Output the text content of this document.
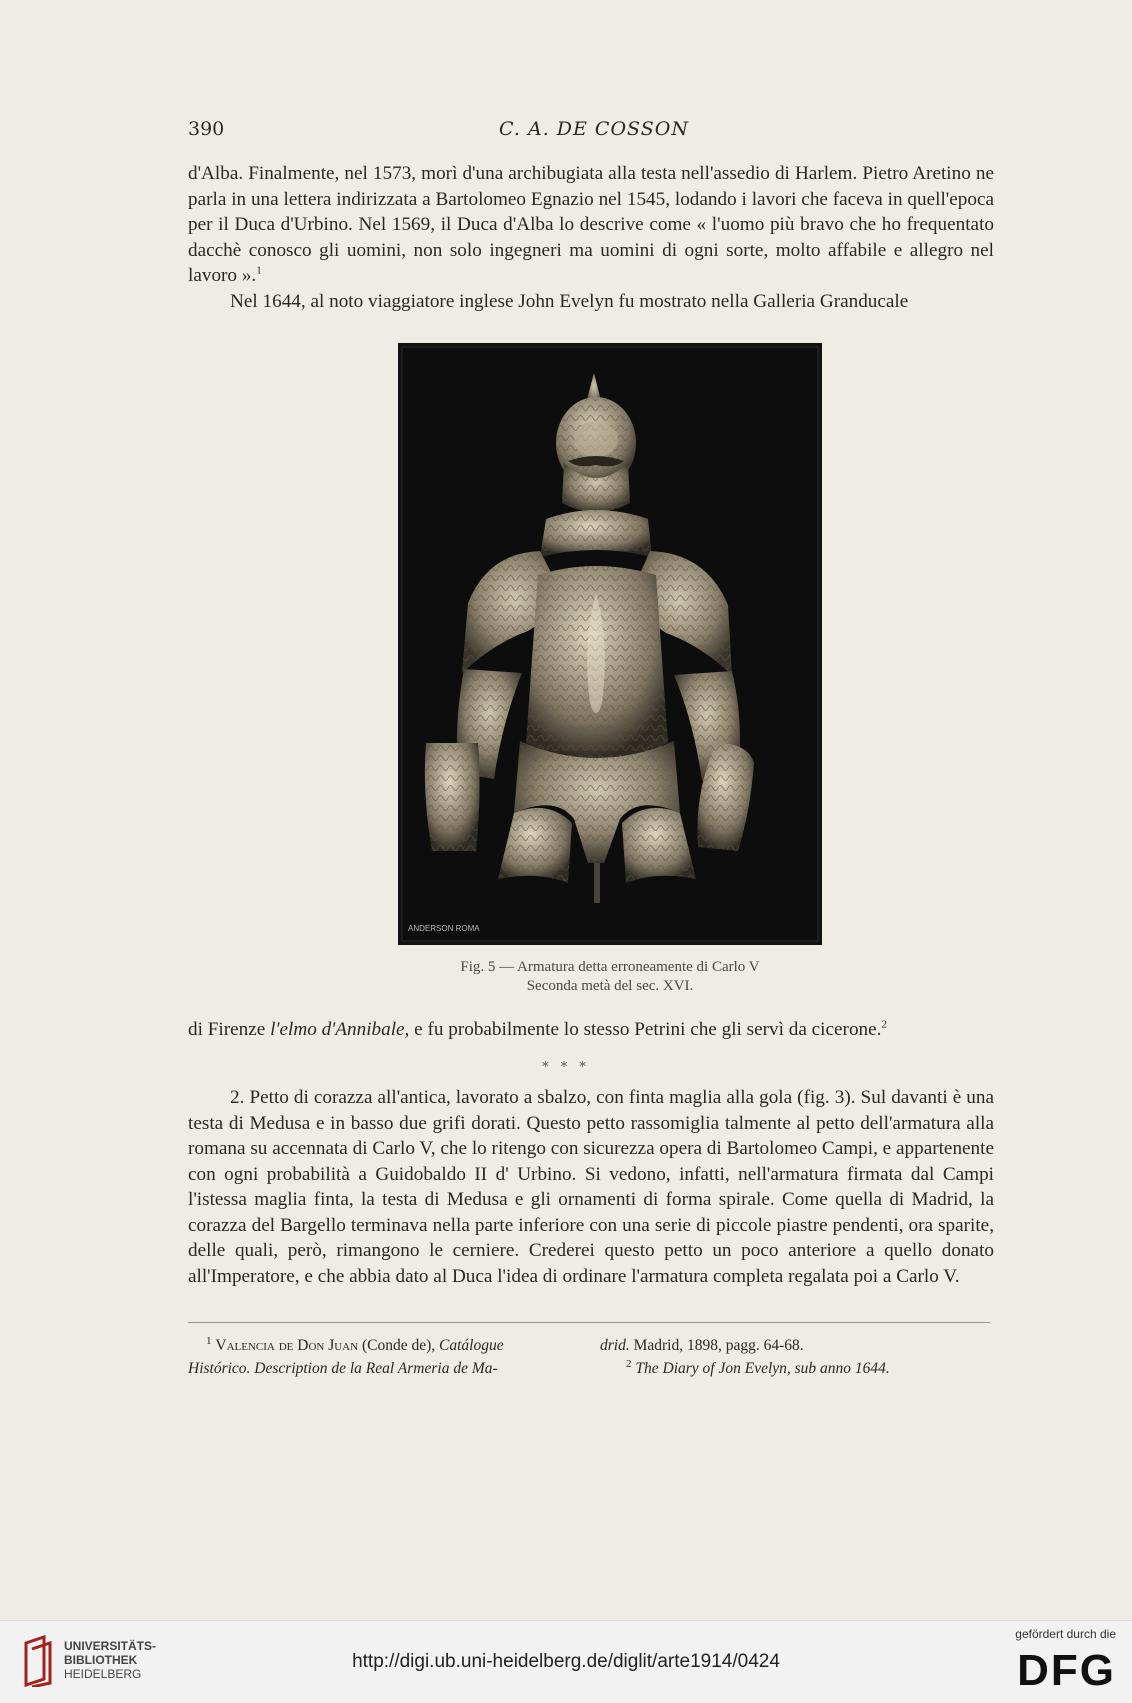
390	C. A. DE COSSON

d'Alba. Finalmente, nel 1573, morì d'una archibugiata alla testa nell'assedio di Harlem. Pietro Aretino ne parla in una lettera indirizzata a Bartolomeo Egnazio nel 1545, lodando i lavori che faceva in quell'epoca per il Duca d'Urbino. Nel 1569, il Duca d'Alba lo descrive come « l'uomo più bravo che ho frequentato dacchè conosco gli uomini, non solo ingegneri ma uomini di ogni sorte, molto affabile e allegro nel lavoro ».$^1$

Nel 1644, al noto viaggiatore inglese John Evelyn fu mostrato nella Galleria Granducale

ANDERSON ROMA
Fig. 5 — Armatura detta erroneamente di Carlo V
Seconda metà del sec. XVI.

di Firenze l'elmo d'Annibale, e fu probabilmente lo stesso Petrini che gli servì da cicerone.$^2$

* * *

2. Petto di corazza all'antica, lavorato a sbalzo, con finta maglia alla gola (fig. 3). Sul davanti è una testa di Medusa e in basso due grifi dorati. Questo petto rassomiglia talmente al petto dell'armatura alla romana su accennata di Carlo V, che lo ritengo con sicurezza opera di Bartolomeo Campi, e appartenente con ogni probabilità a Guidobaldo II d' Urbino. Si vedono, infatti, nell'armatura firmata dal Campi l'istessa maglia finta, la testa di Medusa e gli ornamenti di forma spirale. Come quella di Madrid, la corazza del Bargello terminava nella parte inferiore con una serie di piccole piastre pendenti, ora sparite, delle quali, però, rimangono le cerniere. Crederei questo petto un poco anteriore a quello donato all'Imperatore, e che abbia dato al Duca l'idea di ordinare l'armatura completa regalata poi a Carlo V.

$^1$ Valencia de Don Juan (Conde de), Catálogue
Histórico. Description de la Real Armeria de Ma-
drid. Madrid, 1898, pagg. 64-68.
$^2$ The Diary of Jon Evelyn, sub anno 1644.
UNIVERSITÄTS-
BIBLIOTHEK
HEIDELBERG
http://digi.ub.uni-heidelberg.de/diglit/arte1914/0424
gefördert durch die
DFG
